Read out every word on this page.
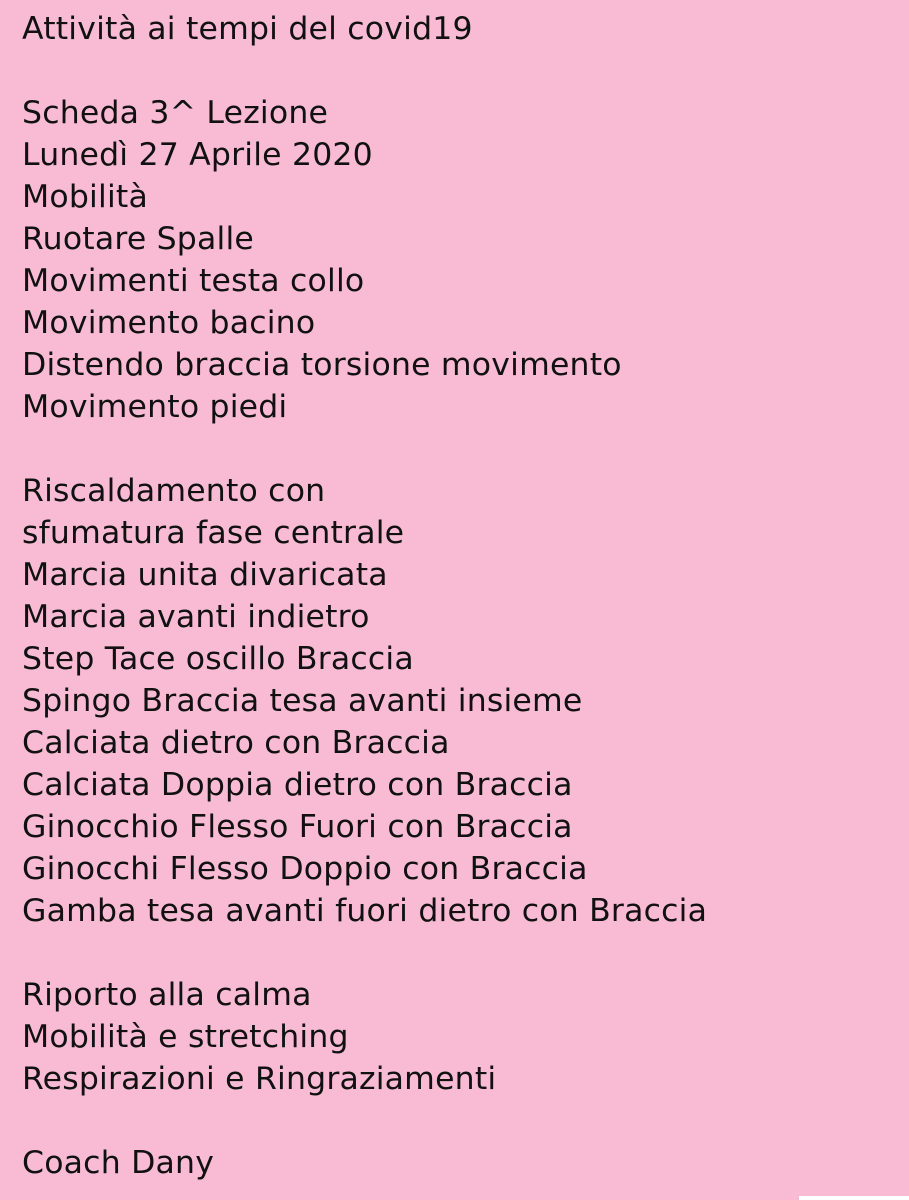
Attività ai tempi del covid19
Scheda 3^ Lezione
Lunedì 27 Aprile 2020
Mobilità
Ruotare Spalle
Movimenti testa collo
Movimento bacino
Distendo braccia torsione movimento
Movimento piedi
Riscaldamento con
sfumatura fase centrale
Marcia unita divaricata
Marcia avanti indietro
Step Tace oscillo Braccia
Spingo Braccia tesa avanti insieme
Calciata dietro con Braccia
Calciata Doppia dietro con Braccia
Ginocchio Flesso Fuori con Braccia
Ginocchi Flesso Doppio con Braccia
Gamba tesa avanti fuori dietro con Braccia
Riporto alla calma
Mobilità e stretching
Respirazioni e Ringraziamenti
Coach Dany
